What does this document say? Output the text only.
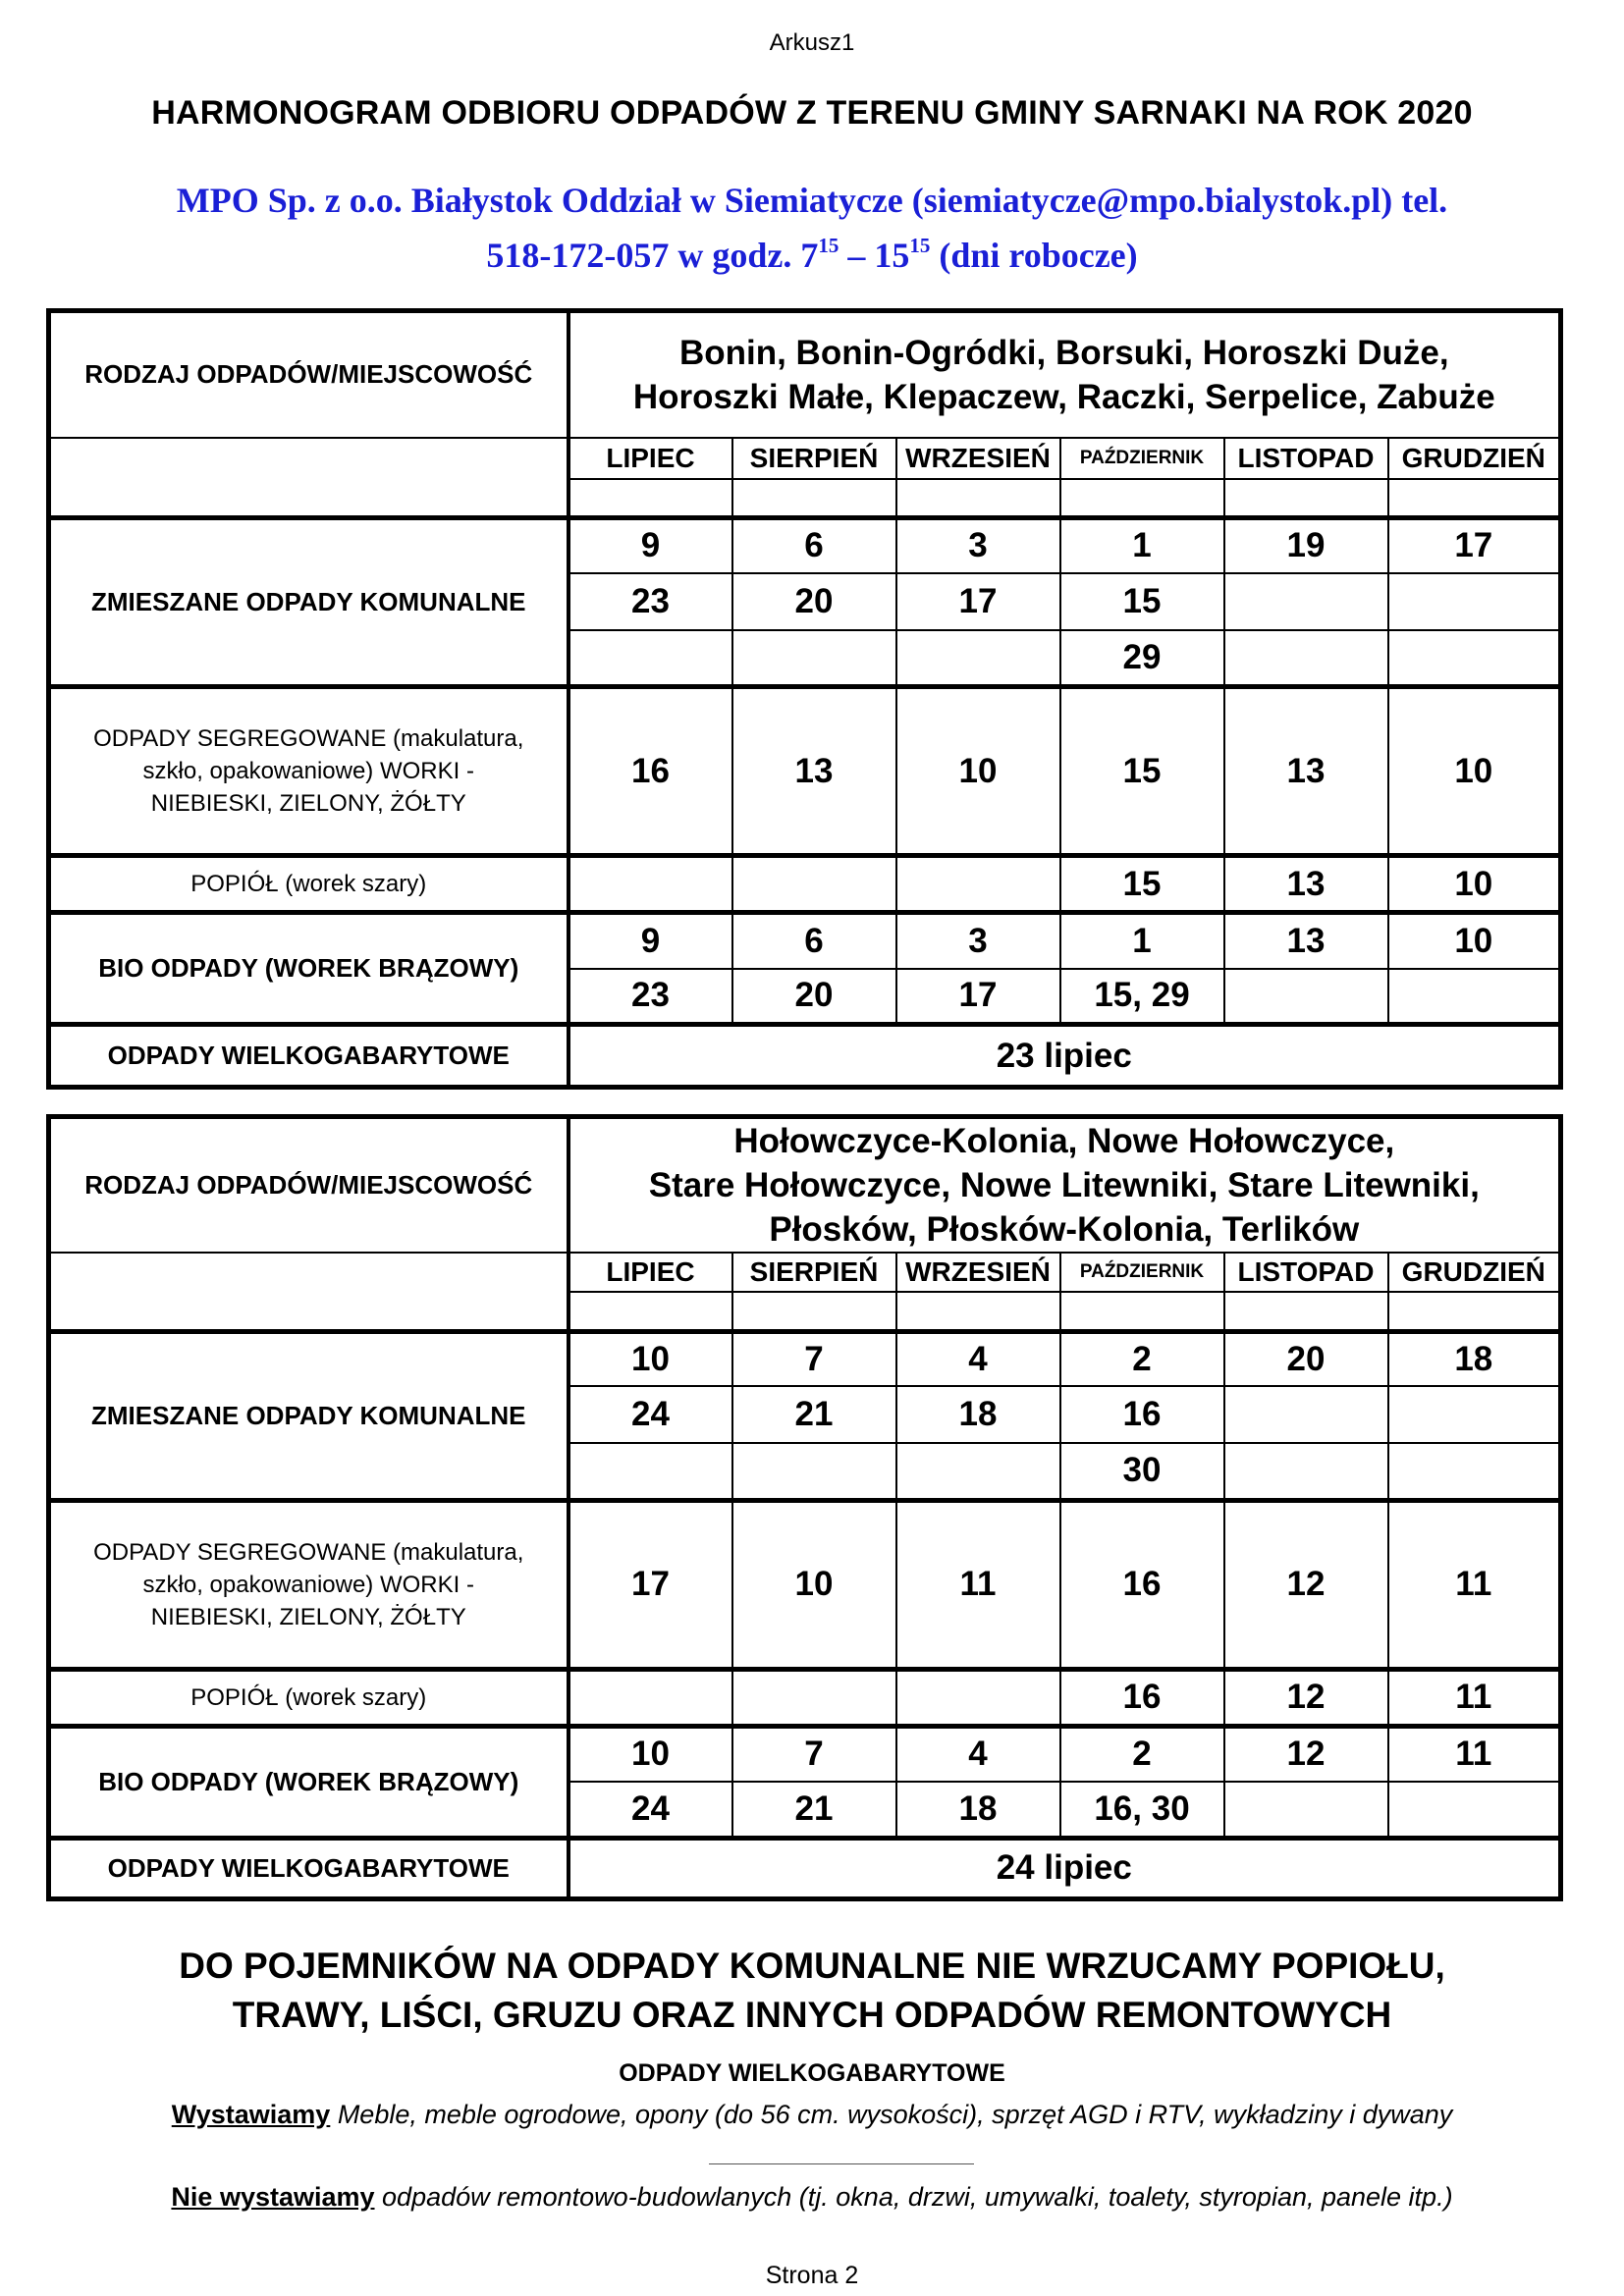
Arkusz1
HARMONOGRAM ODBIORU ODPADÓW Z TERENU GMINY SARNAKI NA ROK 2020
MPO Sp. z o.o. Białystok Oddział w Siemiatycze (siemiatycze@mpo.bialystok.pl) tel.
518-172-057 w godz. $7^{15} - 15^{15}$ (dni robocze)
RODZAJ ODPADÓW/MIEJSCOWOŚĆ	Bonin, Bonin-Ogródki, Borsuki, Horoszki Duże,
Horoszki Małe, Klepaczew, Raczki, Serpelice, Zabuże					

	LIPIEC	SIERPIEŃ	WRZESIEŃ	PAŹDZIERNIK	LISTOPAD	GRUDZIEŃ

ZMIESZANE ODPADY KOMUNALNE	9	6	3	1	19	17
	23	20	17	15		
				29		

ODPADY SEGREGOWANE (makulatura,
szkło, opakowaniowe) WORKI -
NIEBIESKI, ZIELONY, ŻÓŁTY	16	13	10	15	13	10
POPIÓŁ (worek szary)				15	13	10
BIO ODPADY (WOREK BRĄZOWY)	9	6	3	1	13	10
	23	20	17	15, 29		
ODPADY WIELKOGABARYTOWE	23 lipiec					
RODZAJ ODPADÓW/MIEJSCOWOŚĆ	Hołowczyce-Kolonia, Nowe Hołowczyce,
Stare Hołowczyce, Nowe Litewniki, Stare Litewniki,
Płosków, Płosków-Kolonia, Terlików					

	LIPIEC	SIERPIEŃ	WRZESIEŃ	PAŹDZIERNIK	LISTOPAD	GRUDZIEŃ

ZMIESZANE ODPADY KOMUNALNE	10	7	4	2	20	18
	24	21	18	16		
				30		

ODPADY SEGREGOWANE (makulatura,
szkło, opakowaniowe) WORKI -
NIEBIESKI, ZIELONY, ŻÓŁTY	17	10	11	16	12	11
POPIÓŁ (worek szary)				16	12	11
BIO ODPADY (WOREK BRĄZOWY)	10	7	4	2	12	11
	24	21	18	16, 30		
ODPADY WIELKOGABARYTOWE	24 lipiec					
DO POJEMNIKÓW NA ODPADY KOMUNALNE NIE WRZUCAMY POPIOŁU,
TRAWY, LIŚCI, GRUZU ORAZ INNYCH ODPADÓW REMONTOWYCH
ODPADY WIELKOGABARYTOWE
Wystawiamy Meble, meble ogrodowe, opony (do 56 cm. wysokości), sprzęt AGD i RTV, wykładziny i dywany
Nie wystawiamy odpadów remontowo-budowlanych (tj. okna, drzwi, umywalki, toalety, styropian, panele itp.)
Strona 2
